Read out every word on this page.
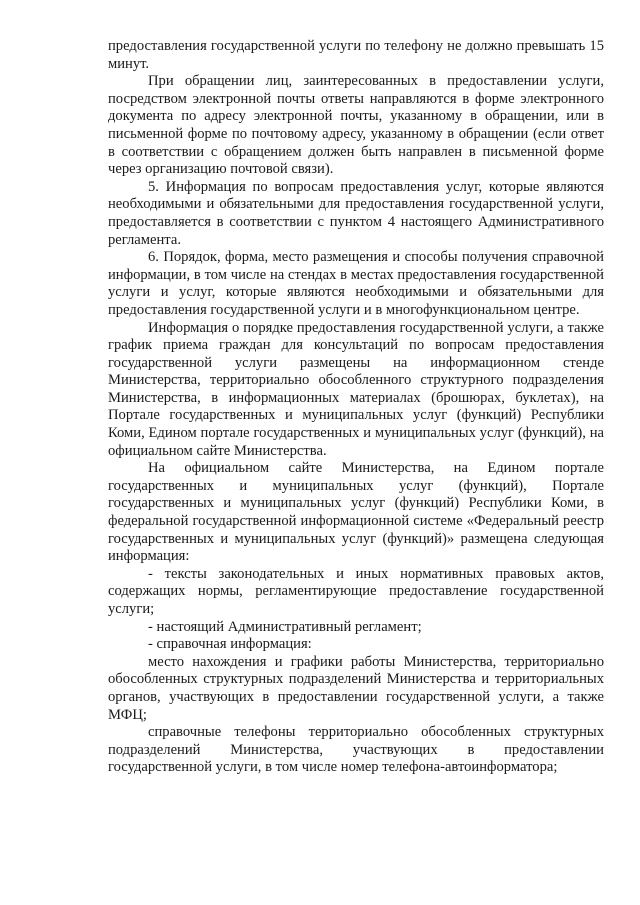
предоставления государственной услуги по телефону не должно превышать 15 минут.

При обращении лиц, заинтересованных в предоставлении услуги, посредством электронной почты ответы направляются в форме электронного документа по адресу электронной почты, указанному в обращении, или в письменной форме по почтовому адресу, указанному в обращении (если ответ в соответствии с обращением должен быть направлен в письменной форме через организацию почтовой связи).

5. Информация по вопросам предоставления услуг, которые являются необходимыми и обязательными для предоставления государственной услуги, предоставляется в соответствии с пунктом 4 настоящего Административного регламента.

6. Порядок, форма, место размещения и способы получения справочной информации, в том числе на стендах в местах предоставления государственной услуги и услуг, которые являются необходимыми и обязательными для предоставления государственной услуги и в многофункциональном центре.

Информация о порядке предоставления государственной услуги, а также график приема граждан для консультаций по вопросам предоставления государственной услуги размещены на информационном стенде Министерства, территориально обособленного структурного подразделения Министерства, в информационных материалах (брошюрах, буклетах), на Портале государственных и муниципальных услуг (функций) Республики Коми, Едином портале государственных и муниципальных услуг (функций), на официальном сайте Министерства.

На официальном сайте Министерства, на Едином портале государственных и муниципальных услуг (функций), Портале государственных и муниципальных услуг (функций) Республики Коми, в федеральной государственной информационной системе «Федеральный реестр государственных и муниципальных услуг (функций)» размещена следующая информация:

- тексты законодательных и иных нормативных правовых актов, содержащих нормы, регламентирующие предоставление государственной услуги;

- настоящий Административный регламент;

- справочная информация:

место нахождения и графики работы Министерства, территориально обособленных структурных подразделений Министерства и территориальных органов, участвующих в предоставлении государственной услуги, а также МФЦ;

справочные телефоны территориально обособленных структурных подразделений Министерства, участвующих в предоставлении государственной услуги, в том числе номер телефона-автоинформатора;
